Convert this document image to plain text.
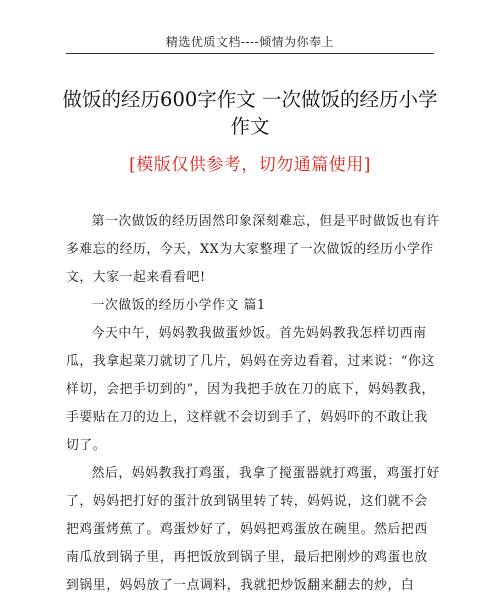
精选优质文档----倾情为你奉上
做饭的经历600字作文 一次做饭的经历小学
作文
[模版仅供参考，切勿通篇使用]

第一次做饭的经历固然印象深刻难忘，但是平时做饭也有许多难忘的经历，今天，XX为大家整理了一次做饭的经历小学作文，大家一起来看看吧!

一次做饭的经历小学作文 篇1

今天中午，妈妈教我做蛋炒饭。首先妈妈教我怎样切西南瓜，我拿起菜刀就切了几片，妈妈在旁边看着，过来说：“你这样切，会把手切到的”，因为我把手放在刀的底下，妈妈教我，手要贴在刀的边上，这样就不会切到手了，妈妈吓的不敢让我切了。

然后，妈妈教我打鸡蛋，我拿了搅蛋器就打鸡蛋，鸡蛋打好了，妈妈把打好的蛋汁放到锅里转了转，妈妈说，这们就不会把鸡蛋烤蕉了。鸡蛋炒好了，妈妈把鸡蛋放在碗里。然后把西南瓜放到锅子里，再把饭放到锅子里，最后把刚炒的鸡蛋也放到锅里，妈妈放了一点调料，我就把炒饭翻来翻去的炒，白
